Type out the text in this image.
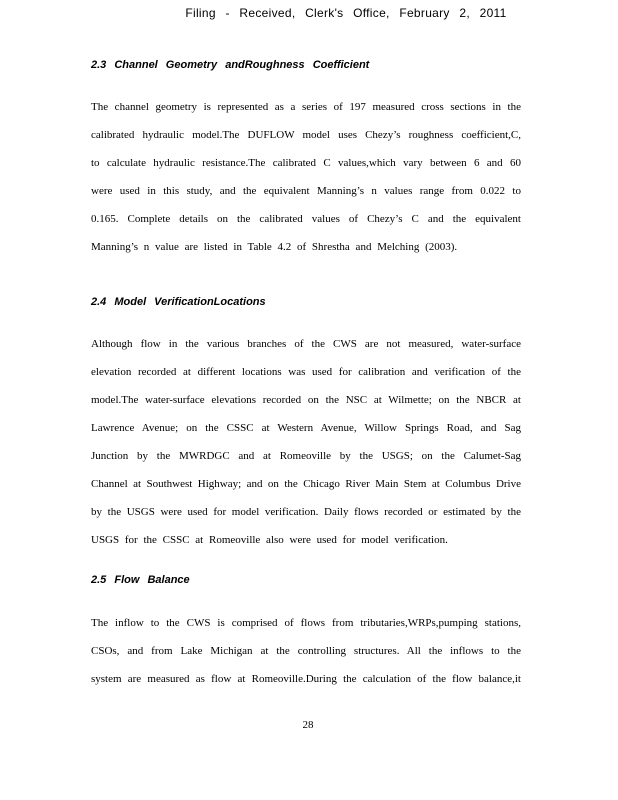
Filing - Received, Clerk's Office, February 2, 2011
2.3 Channel Geometry andRoughness Coefficient
The channel geometry is represented as a series of 197 measured cross sections in the
calibrated hydraulic model.The DUFLOW model uses Chezy’s roughness coefficient,C,
to calculate hydraulic resistance.The calibrated C values,which vary between 6 and 60
were used in this study, and the equivalent Manning’s n values range from 0.022 to
0.165. Complete details on the calibrated values of Chezy’s C and the equivalent
Manning’s n value are listed in Table 4.2 of Shrestha and Melching (2003).
2.4 Model VerificationLocations
Although flow in the various branches of the CWS are not measured, water-surface
elevation recorded at different locations was used for calibration and verification of the
model.The water-surface elevations recorded on the NSC at Wilmette; on the NBCR at
Lawrence Avenue; on the CSSC at Western Avenue, Willow Springs Road, and Sag
Junction by the MWRDGC and at Romeoville by the USGS; on the Calumet-Sag
Channel at Southwest Highway; and on the Chicago River Main Stem at Columbus Drive
by the USGS were used for model verification. Daily flows recorded or estimated by the
USGS for the CSSC at Romeoville also were used for model verification.
2.5 Flow Balance
The inflow to the CWS is comprised of flows from tributaries,WRPs,pumping stations,
CSOs, and from Lake Michigan at the controlling structures. All the inflows to the
system are measured as flow at Romeoville.During the calculation of the flow balance,it
28
